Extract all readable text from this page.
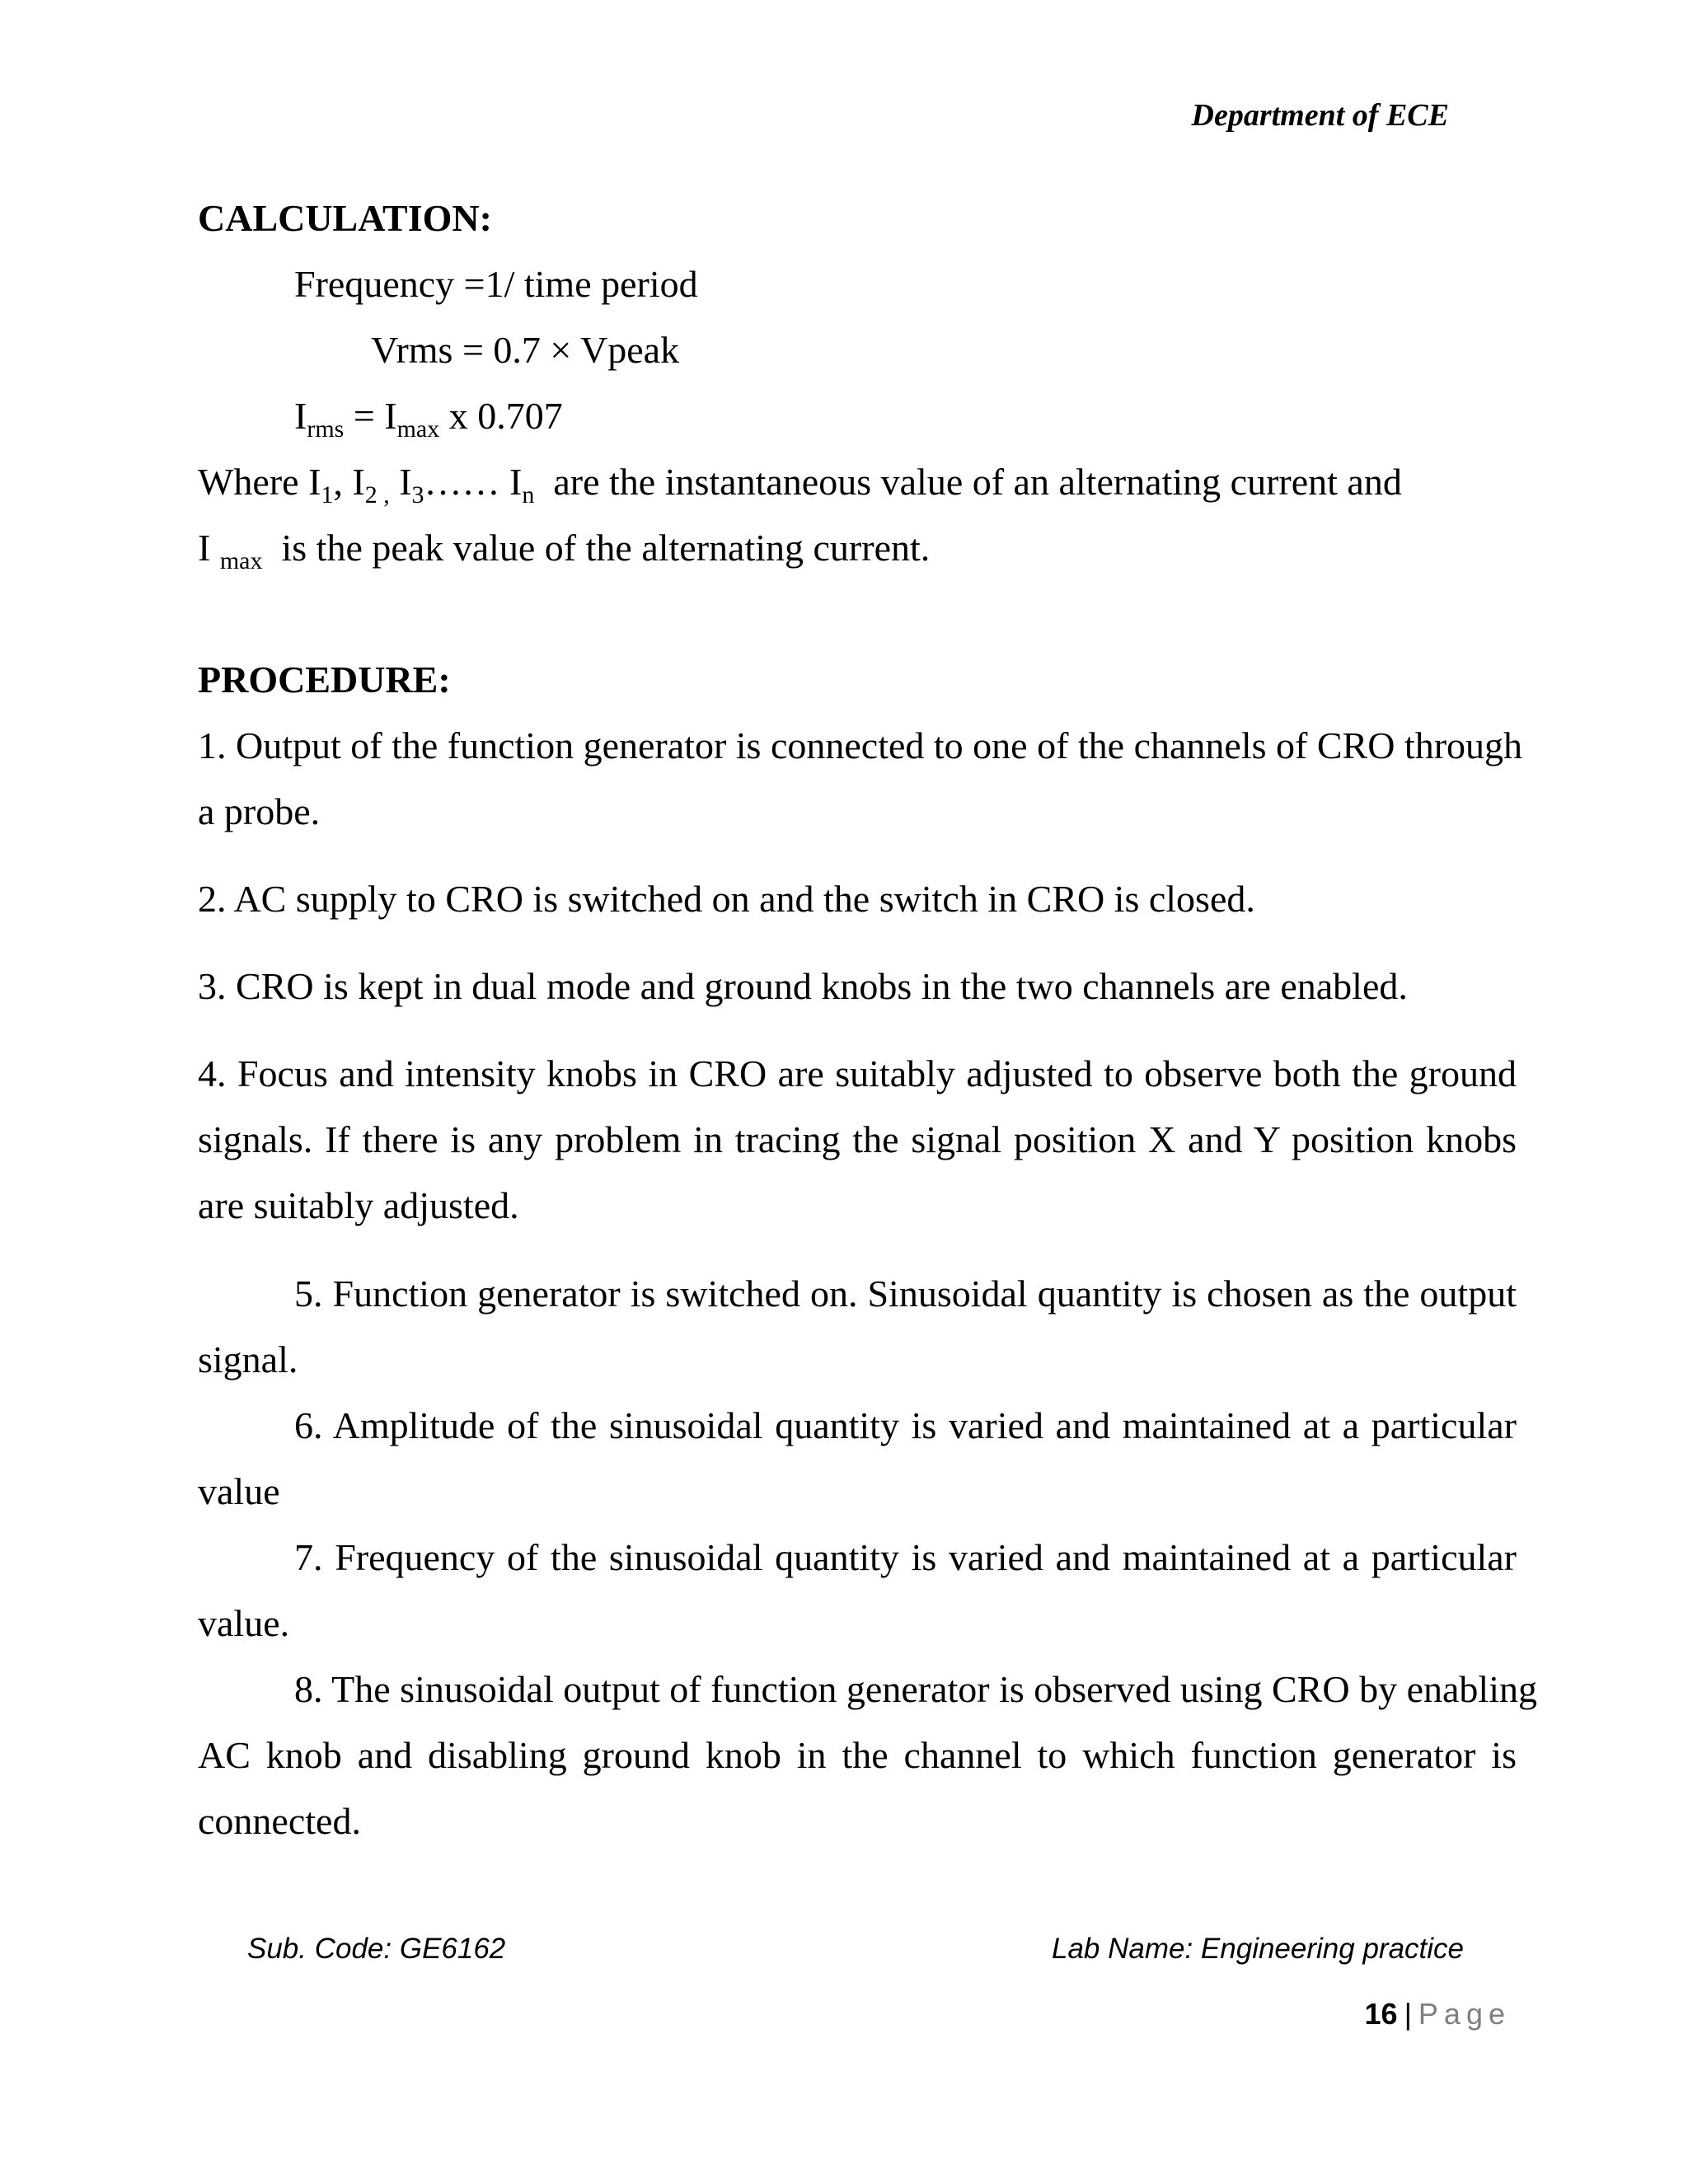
Department of ECE
CALCULATION:
Frequency =1/ time period
Vrms = 0.7 × Vpeak
$I_{rms} = I_{max}$ x 0.707
Where $I_1$, $I_{2 ,}$ $I_3\dots\dots$ $I_n$  are the instantaneous value of an alternating current and
I $_{max}$  is the peak value of the alternating current.
PROCEDURE:
1. Output of the function generator is connected to one of the channels of CRO through
a probe.
2. AC supply to CRO is switched on and the switch in CRO is closed.
3. CRO is kept in dual mode and ground knobs in the two channels are enabled.
4. Focus and intensity knobs in CRO are suitably adjusted to observe both the ground
signals. If there is any problem in tracing the signal position X and Y position knobs
are suitably adjusted.
5. Function generator is switched on. Sinusoidal quantity is chosen as the output
signal.
6. Amplitude of the sinusoidal quantity is varied and maintained at a particular
value
7. Frequency of the sinusoidal quantity is varied and maintained at a particular
value.
8. The sinusoidal output of function generator is observed using CRO by enabling
AC knob and disabling ground knob in the channel to which function generator is
connected.
Sub. Code: GE6162	Lab Name: Engineering practice
16 | Page
